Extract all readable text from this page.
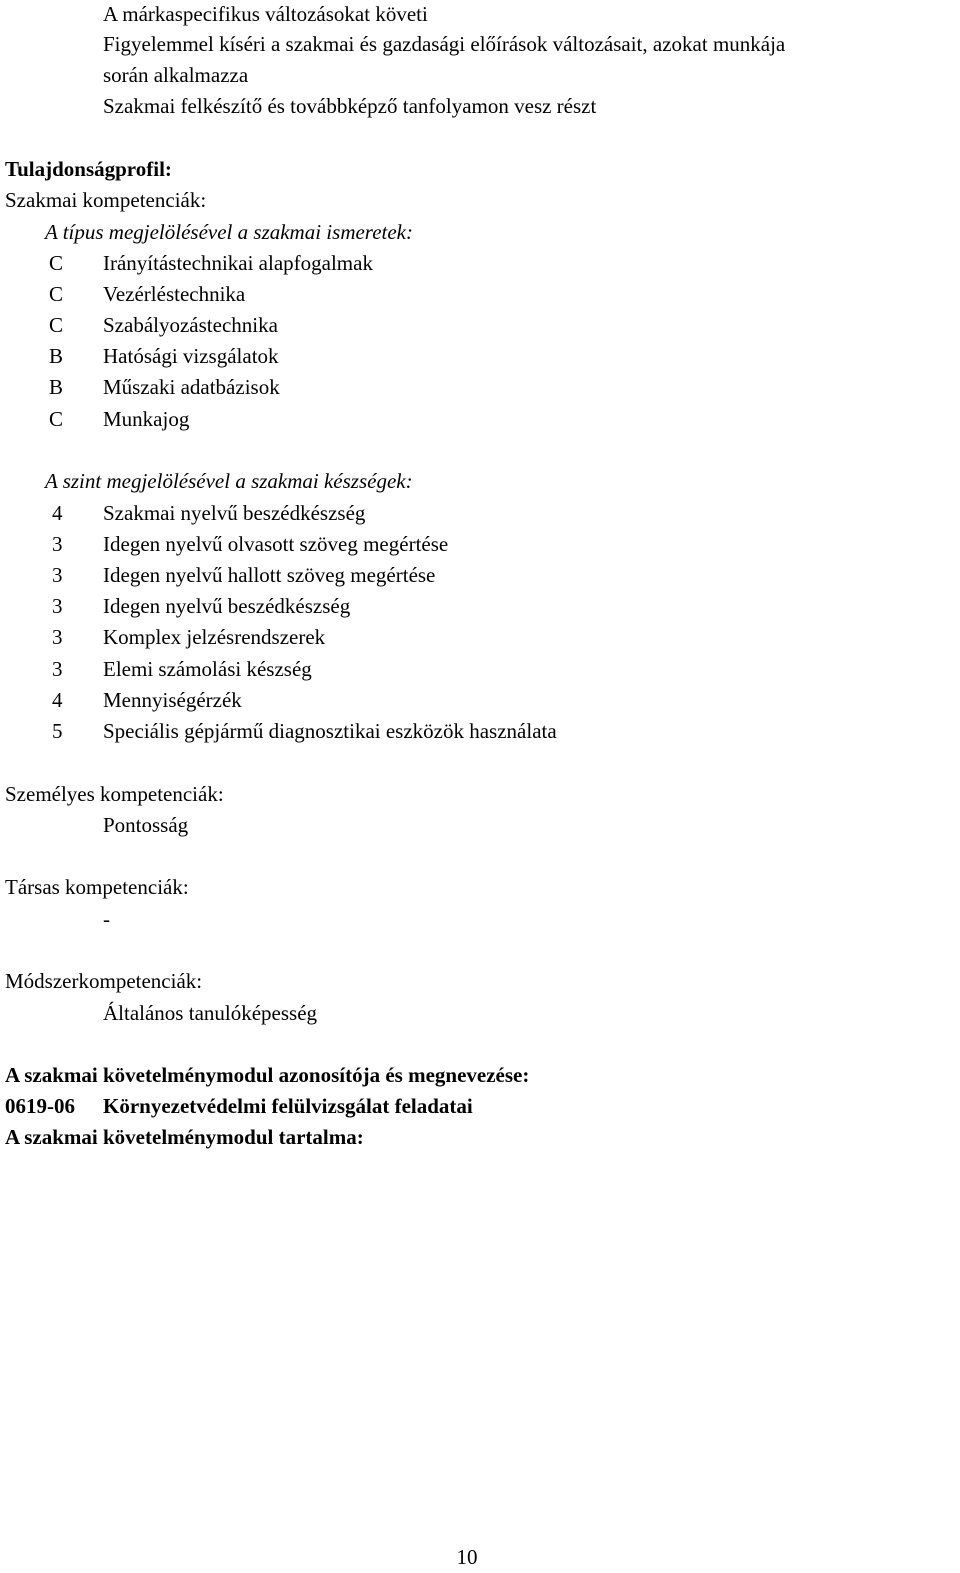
A márkaspecifikus változásokat követi
Figyelemmel kíséri a szakmai és gazdasági előírások változásait, azokat munkája
során alkalmazza
Szakmai felkészítő és továbbképző tanfolyamon vesz részt
Tulajdonságprofil:
Szakmai kompetenciák:
A típus megjelölésével a szakmai ismeretek:
C Irányítástechnikai alapfogalmak
C Vezérléstechnika
C Szabályozástechnika
B Hatósági vizsgálatok
B Műszaki adatbázisok
C Munkajog
A szint megjelölésével a szakmai készségek:
4 Szakmai nyelvű beszédkészség
3 Idegen nyelvű olvasott szöveg megértése
3 Idegen nyelvű hallott szöveg megértése
3 Idegen nyelvű beszédkészség
3 Komplex jelzésrendszerek
3 Elemi számolási készség
4 Mennyiségérzék
5 Speciális gépjármű diagnosztikai eszközök használata
Személyes kompetenciák:
Pontosság
Társas kompetenciák:
-
Módszerkompetenciák:
Általános tanulóképesség
A szakmai követelménymodul azonosítója és megnevezése:
0619-06 Környezetvédelmi felülvizsgálat feladatai
A szakmai követelménymodul tartalma:
10
